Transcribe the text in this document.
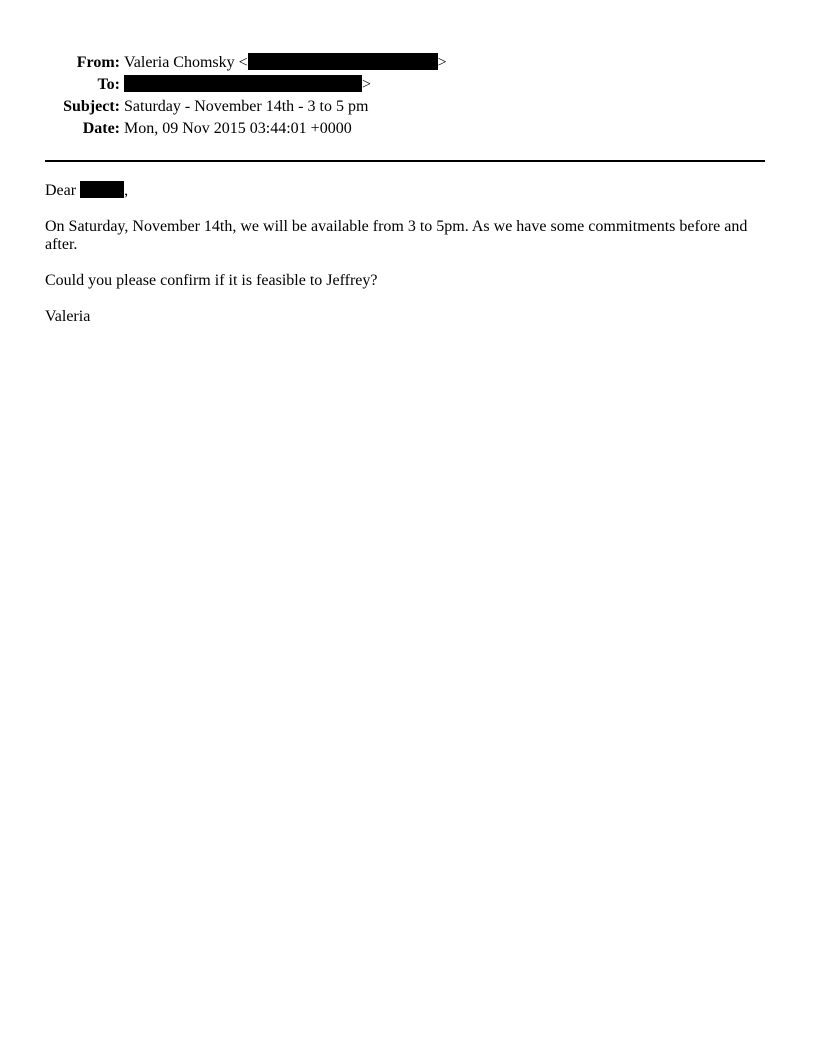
From: Valeria Chomsky <	>
To:	>
Subject: Saturday - November 14th - 3 to 5 pm
Date: Mon, 09 Nov 2015 03:44:01 +0000

Dear	,

On Saturday, November 14th, we will be available from 3 to 5pm. As we have some commitments before and after.

Could you please confirm if it is feasible to Jeffrey?

Valeria
